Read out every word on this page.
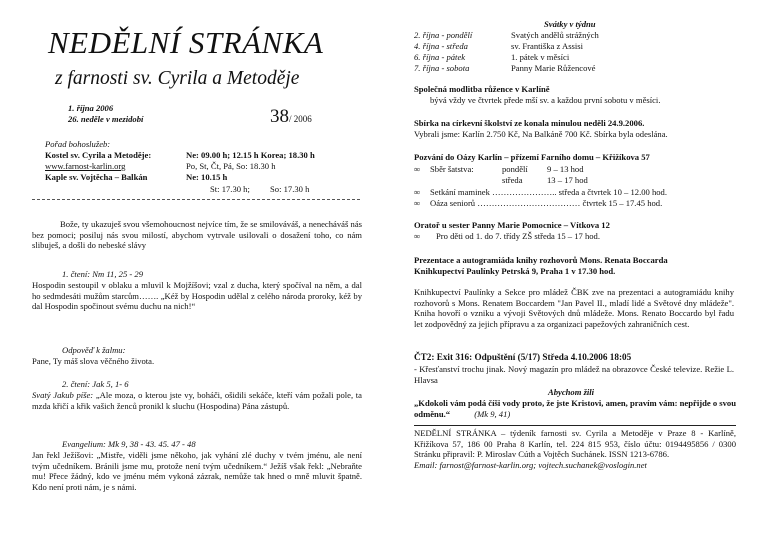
NEDĚLNÍ STRÁNKA
z farnosti sv. Cyrila a Metoděje
1. října 2006
26. neděle v mezidobí	38/ 2006
Pořad bohoslužeb:
Kostel sv. Cyrila a Metoděje:	Ne: 09.00 h; 12.15 h Korea; 18.30 h
www.farnost-karlin.org	Po, St, Čt, Pá, So: 18.30 h
Kaple sv. Vojtěcha – Balkán	Ne: 10.15 h
St: 17.30 h; So: 17.30 h
Bože, ty ukazuješ svou všemohoucnost nejvíce tím, že se smilováváš, a nenecháváš nás bez pomoci; posiluj nás svou milostí, abychom vytrvale usilovali o dosažení toho, co nám slibuješ, a došli do nebeské slávy
1. čtení: Nm 11, 25 - 29
Hospodin sestoupil v oblaku a mluvil k Mojžíšovi; vzal z ducha, který spočíval na něm, a dal ho sedmdesáti mužům starcům……. „Kéž by Hospodin udělal z celého národa proroky, kéž by dal Hospodin spočinout svému duchu na nich!“
Odpověď k žalmu:
Pane, Ty máš slova věčného života.
2. čtení: Jak 5, 1- 6
Svatý Jakub píše: „Ale moza, o kterou jste vy, boháči, ošidili sekáče, kteří vám požali pole, ta mzda křičí a křik vašich ženců pronikl k sluchu (Hospodina) Pána zástupů.
Evangelium: Mk 9, 38 - 43. 45. 47 - 48
Jan řekl Ježíšovi: „Mistře, viděli jsme někoho, jak vyhání zlé duchy v tvém jménu, ale není tvým učedníkem. Bránili jsme mu, protože není tvým učedníkem.“ Ježíš však řekl: „Nebraňte mu! Přece žádný, kdo ve jménu mém vykoná zázrak, nemůže tak hned o mně mluvit špatně. Kdo není proti nám, je s námi.
Svátky v týdnu
2. října - pondělí	Svatých andělů strážných
4. října - středa	sv. Františka z Assisi
6. října - pátek	1. pátek v měsíci
7. října - sobota	Panny Marie Růžencové
Společná modlitba růžence v Karlíně
bývá vždy ve čtvrtek přede mší sv. a každou první sobotu v měsíci.
Sbírka na církevní školství ze konala minulou neděli 24.9.2006.
Vybrali jsme: Karlín 2.750 Kč, Na Balkáně 700 Kč. Sbírka byla odeslána.
Pozvání do Oázy Karlín – přízemí Farního domu – Křižíkova 57
∞ Sběr šatstva:	pondělí 9 – 13 hod
středa	13 – 17 hod
∞ Setkání maminek ………………….. středa a čtvrtek 10 – 12.00 hod.
∞ Oáza seniorů ……………………………… čtvrtek 15 – 17.45 hod.
Oratoř u sester Panny Marie Pomocnice – Vítkova 12
∞ Pro děti od 1. do 7. třídy ZŠ středa 15 – 17 hod.
Prezentace a autogramiáda knihy rozhovorů Mons. Renata Boccarda
Knihkupectví Paulínky Petrská 9, Praha 1 v 17.30 hod.
Knihkupectví Paulínky a Sekce pro mládež ČBK zve na prezentaci a autogramiádu knihy rozhovorů s Mons. Renatem Boccardem "Jan Pavel II., mladí lidé a Světové dny mládeže". Kniha hovoří o vzniku a vývoji Světových dnů mládeže. Mons. Renato Boccardo byl řadu let zodpovědný za jejich přípravu a za organizaci papežových zahraničních cest.
ČT2: Exit 316: Odpuštění (5/17) Středa 4.10.2006 18:05
- Křesťanství trochu jinak. Nový magazín pro mládež na obrazovce České televize. Režie L. Hlavsa
Abychom žili
„Kdokoli vám podá číši vody proto, že jste Kristovi, amen, pravím vám: nepřijde o svou odměnu.“	(Mk 9, 41)
NEDĚLNÍ STRÁNKA – týdeník farnosti sv. Cyrila a Metoděje v Praze 8 - Karlíně, Křižíkova 57, 186 00 Praha 8 Karlín, tel. 224 815 953, číslo účtu: 0194495856 / 0300 Stránku připravil: P. Miroslav Cúth a Vojtěch Suchánek. ISSN 1213-6786.
Email: farnost@farnost-karlin.org; vojtech.suchanek@voslogin.net
